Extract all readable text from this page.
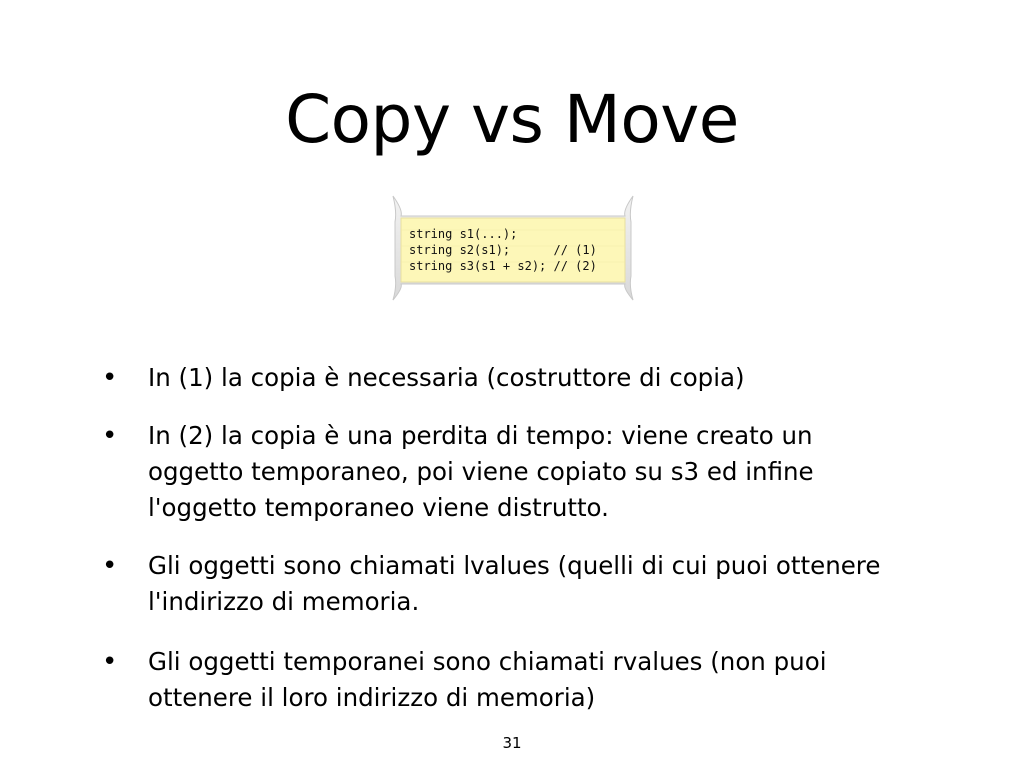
Copy vs Move
string s1(...);
string s2(s1);      // (1)
string s3(s1 + s2); // (2)
• In (1) la copia è necessaria (costruttore di copia)
• In (2) la copia è una perdita di tempo: viene creato un
oggetto temporaneo, poi viene copiato su s3 ed infine
l'oggetto temporaneo viene distrutto.
• Gli oggetti sono chiamati lvalues (quelli di cui puoi ottenere
l'indirizzo di memoria.
• Gli oggetti temporanei sono chiamati rvalues (non puoi
ottenere il loro indirizzo di memoria)
31
